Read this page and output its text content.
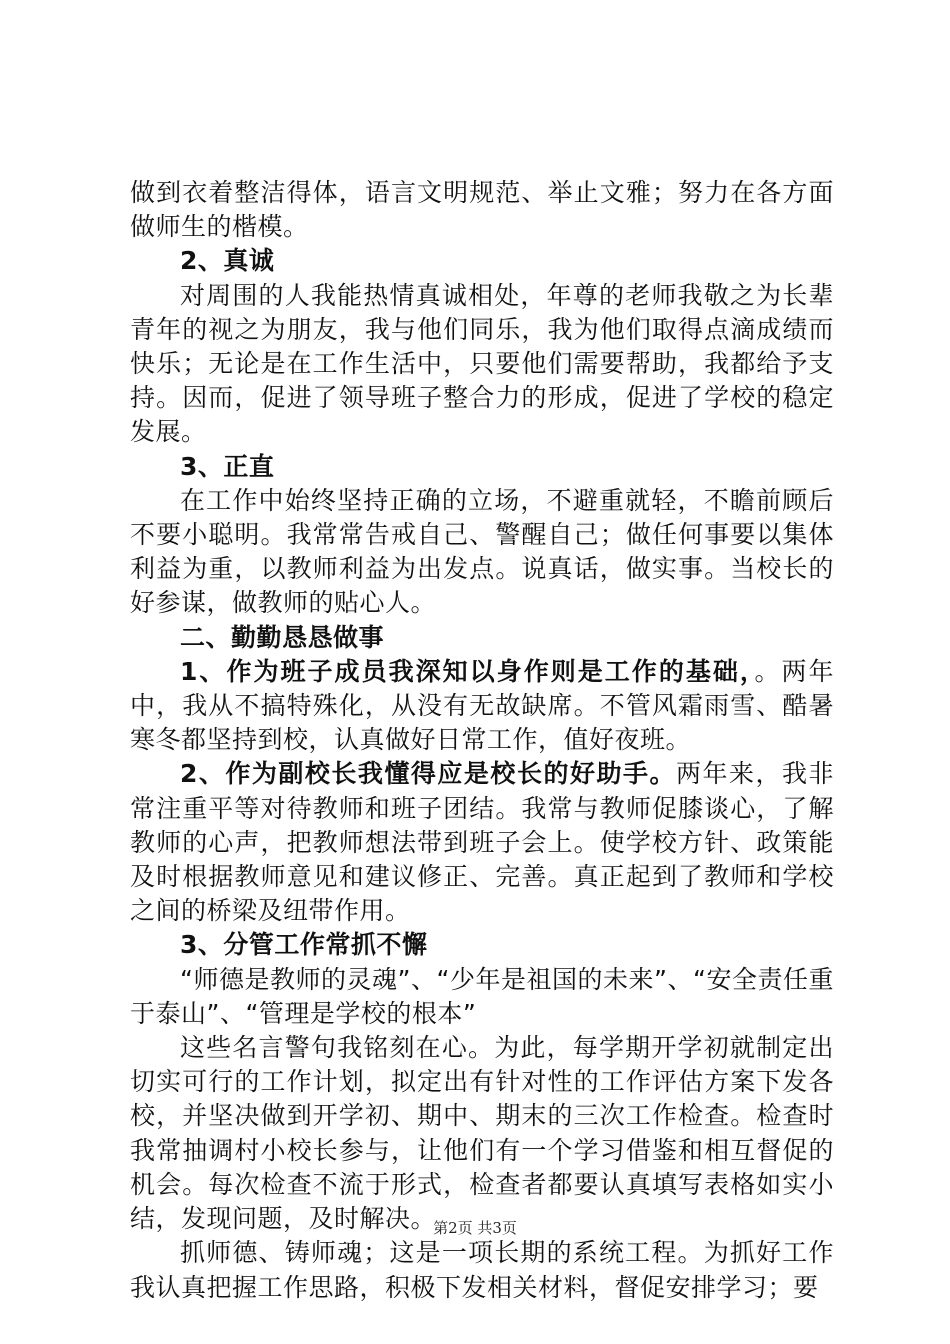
做到衣着整洁得体，语言文明规范、举止文雅；努力在各方面做师生的楷模。

2、真诚

对周围的人我能热情真诚相处，年尊的老师我敬之为长辈青年的视之为朋友，我与他们同乐，我为他们取得点滴成绩而快乐；无论是在工作生活中，只要他们需要帮助，我都给予支持。因而，促进了领导班子整合力的形成，促进了学校的稳定发展。

3、正直

在工作中始终坚持正确的立场，不避重就轻，不瞻前顾后不要小聪明。我常常告戒自己、警醒自己；做任何事要以集体利益为重，以教师利益为出发点。说真话，做实事。当校长的好参谋，做教师的贴心人。

二、勤勤恳恳做事

1、作为班子成员我深知以身作则是工作的基础，。两年中，我从不搞特殊化，从没有无故缺席。不管风霜雨雪、酷暑寒冬都坚持到校，认真做好日常工作，值好夜班。

2、作为副校长我懂得应是校长的好助手。两年来，我非常注重平等对待教师和班子团结。我常与教师促膝谈心，了解教师的心声，把教师想法带到班子会上。使学校方针、政策能及时根据教师意见和建议修正、完善。真正起到了教师和学校之间的桥梁及纽带作用。

3、分管工作常抓不懈

“师德是教师的灵魂”、“少年是祖国的未来”、“安全责任重于泰山”、“管理是学校的根本”

这些名言警句我铭刻在心。为此，每学期开学初就制定出切实可行的工作计划，拟定出有针对性的工作评估方案下发各校，并坚决做到开学初、期中、期末的三次工作检查。检查时我常抽调村小校长参与，让他们有一个学习借鉴和相互督促的机会。每次检查不流于形式，检查者都要认真填写表格如实小结，发现问题，及时解决。

抓师德、铸师魂；这是一项长期的系统工程。为抓好工作我认真把握工作思路，积极下发相关材料，督促安排学习；要

第2页 共3页
